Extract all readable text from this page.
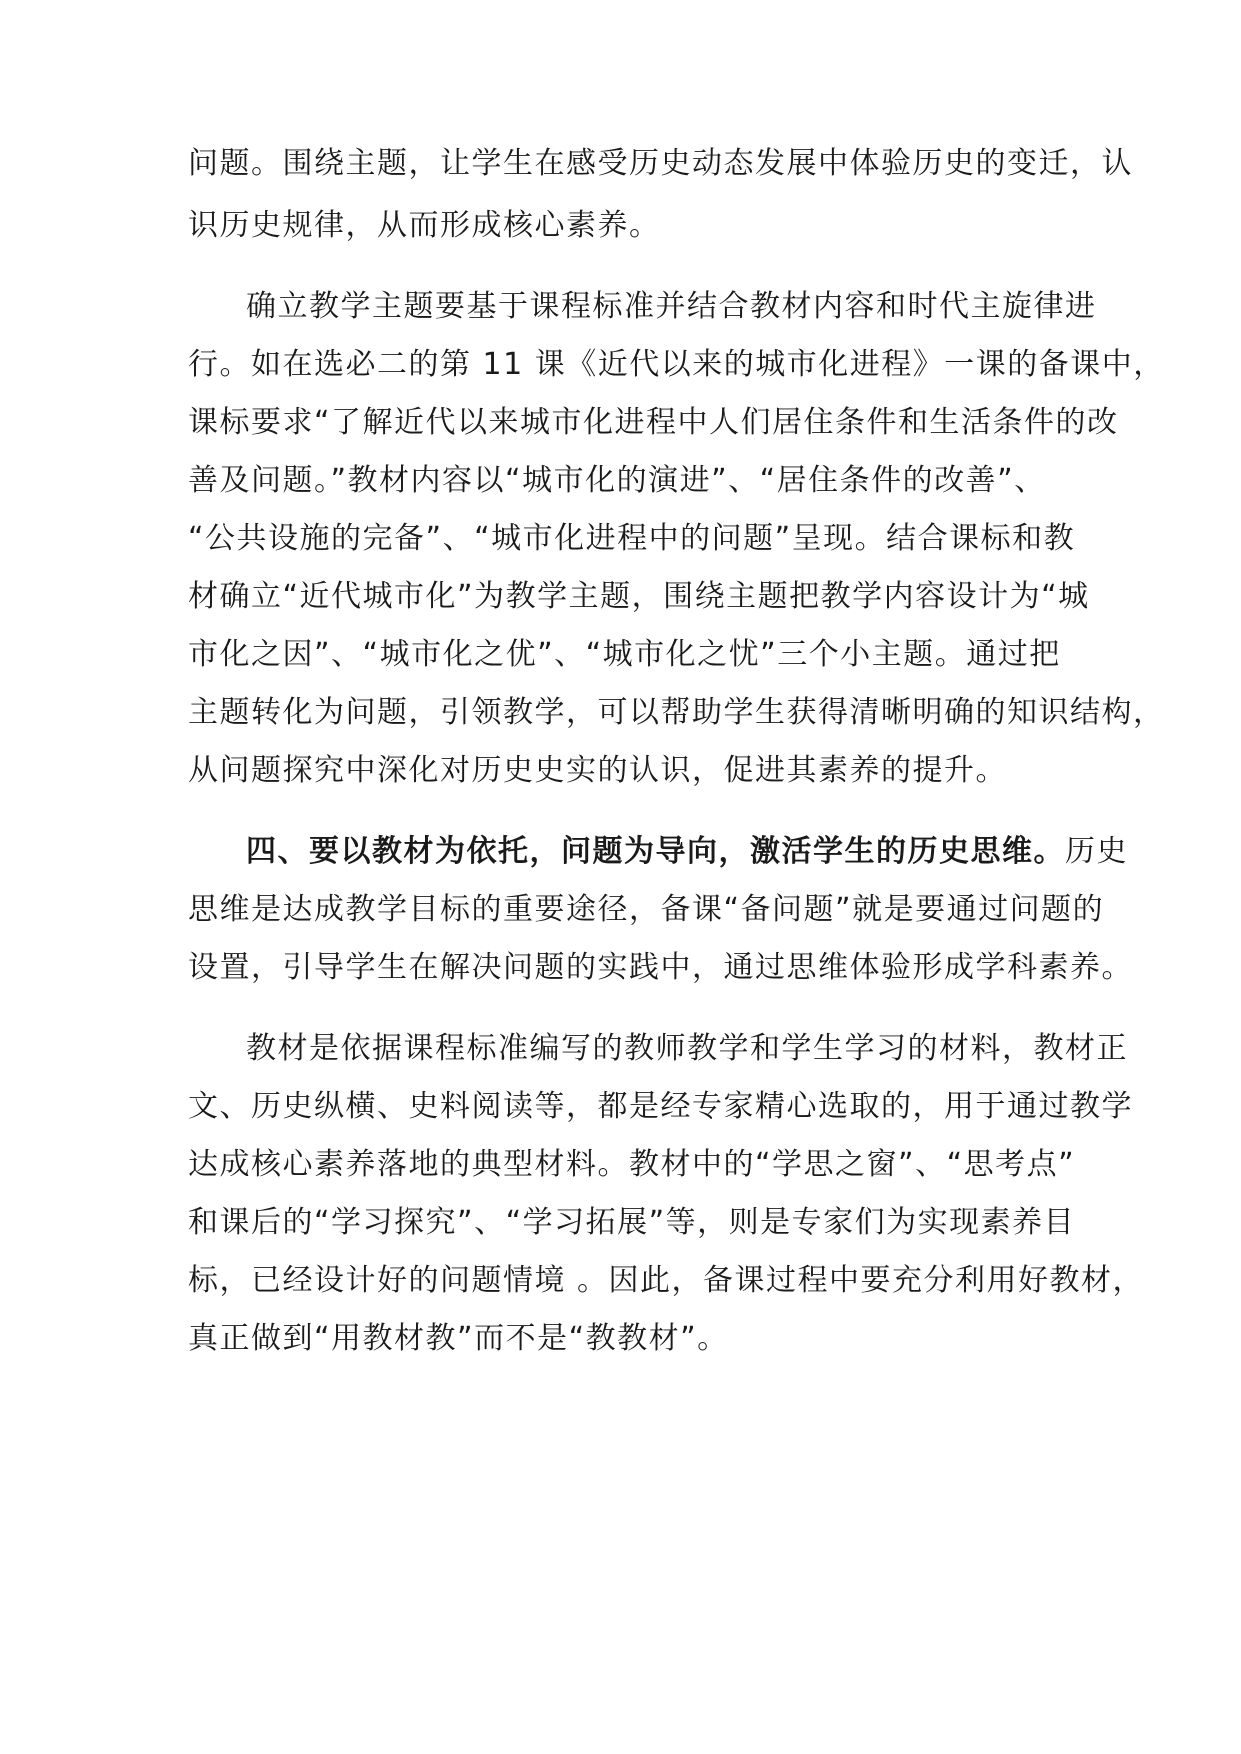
问题。围绕主题，让学生在感受历史动态发展中体验历史的变迁，认
识历史规律，从而形成核心素养。
确立教学主题要基于课程标准并结合教材内容和时代主旋律进
行。如在选必二的第 11 课《近代以来的城市化进程》一课的备课中，
课标要求“了解近代以来城市化进程中人们居住条件和生活条件的改
善及问题。”教材内容以“城市化的演进”、“居住条件的改善”、
“公共设施的完备”、“城市化进程中的问题”呈现。结合课标和教
材确立“近代城市化”为教学主题，围绕主题把教学内容设计为“城
市化之因”、“城市化之优”、“城市化之忧”三个小主题。通过把
主题转化为问题，引领教学，可以帮助学生获得清晰明确的知识结构，
从问题探究中深化对历史史实的认识，促进其素养的提升。
四、要以教材为依托，问题为导向，激活学生的历史思维。历史
思维是达成教学目标的重要途径，备课“备问题”就是要通过问题的
设置，引导学生在解决问题的实践中，通过思维体验形成学科素养。
教材是依据课程标准编写的教师教学和学生学习的材料，教材正
文、历史纵横、史料阅读等，都是经专家精心选取的，用于通过教学
达成核心素养落地的典型材料。教材中的“学思之窗”、“思考点”
和课后的“学习探究”、“学习拓展”等，则是专家们为实现素养目
标，已经设计好的问题情境 。因此，备课过程中要充分利用好教材，
真正做到“用教材教”而不是“教教材”。
